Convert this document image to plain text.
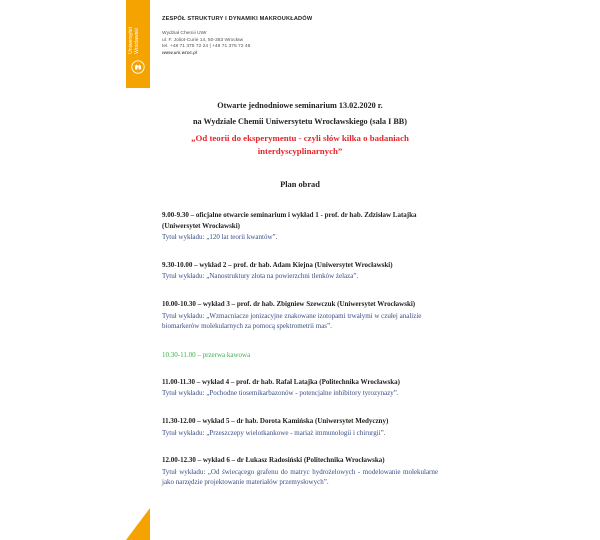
Uniwersytet
Wrocławski
ZESPÓŁ STRUKTURY I DYNAMIKI MAKROUKŁADÓW
Wydział Chemii UWr
ul. F. Joliot-Curie 14, 50-383 Wrocław
tel. +48 71 375 72 24 | +48 71 375 72 48
www.uni.wroc.pl
Otwarte jednodniowe seminarium 13.02.2020 r.
na Wydziale Chemii Uniwersytetu Wrocławskiego (sala I BB)
„Od teorii do eksperymentu - czyli słów kilka o badaniach
interdyscyplinarnych”
Plan obrad
9.00-9.30 – oficjalne otwarcie seminarium i wykład 1 - prof. dr hab. Zdzisław Latajka
(Uniwersytet Wrocławski)
Tytuł wykładu: „120 lat teorii kwantów”.
9.30-10.00 – wykład 2 – prof. dr hab. Adam Kiejna (Uniwersytet Wrocławski)
Tytuł wykładu: „Nanostruktury złota na powierzchni tlenków żelaza”.
10.00-10.30 – wykład 3 – prof. dr hab. Zbigniew Szewczuk (Uniwersytet Wrocławski)
Tytuł wykładu: „Wzmacniacze jonizacyjne znakowane izotopami trwałymi w czułej analizie biomarkerów molekularnych za pomocą spektrometrii mas”.
10.30-11.00 – przerwa kawowa
11.00-11.30 – wykład 4 – prof. dr hab. Rafał Latajka (Politechnika Wrocławska)
Tytuł wykładu: „Pochodne tiosemikarbazonów - potencjalne inhibitory tyrozynazy”.
11.30-12.00 – wykład 5 – dr hab. Dorota Kamińska (Uniwersytet Medyczny)
Tytuł wykładu: „Przeszczepy wielotkankowe - mariaż immunologii i chirurgii”.
12.00-12.30 – wykład 6 – dr Łukasz Radosiński (Politechnika Wrocławska)
Tytuł wykładu: „Od świecącego grafenu do matryc hydrożelowych - modelowanie molekularne jako narzędzie projektowanie materiałów przemysłowych”.
